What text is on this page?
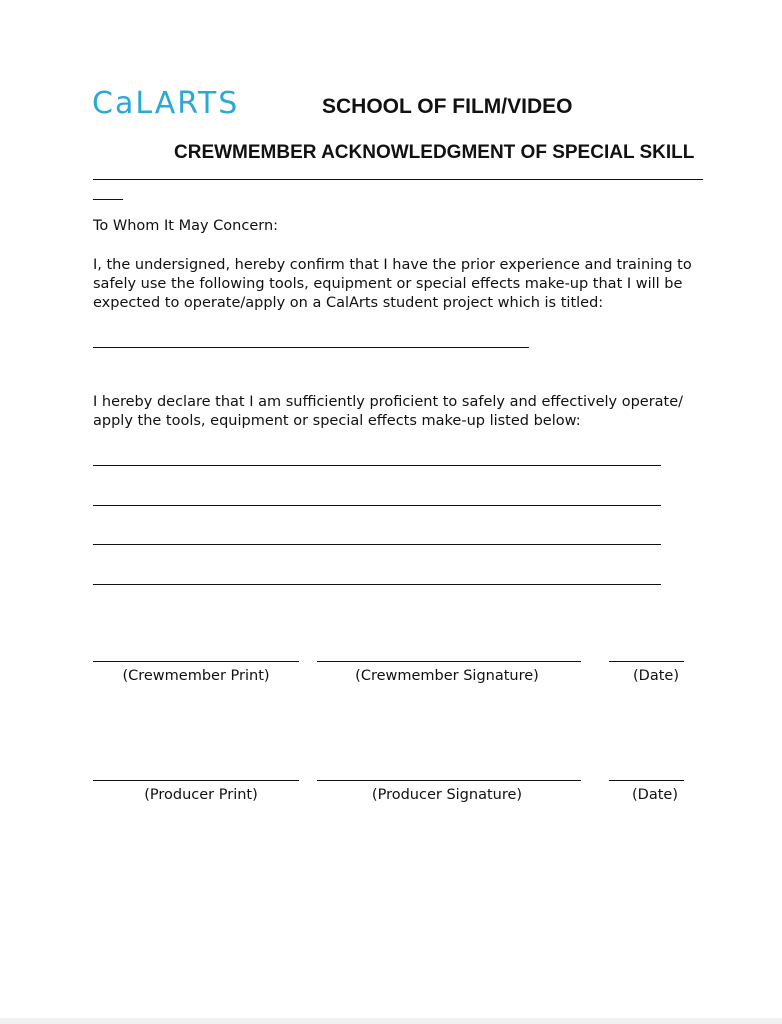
CaLARTS	SCHOOL OF FILM/VIDEO
CREWMEMBER ACKNOWLEDGMENT OF SPECIAL SKILL
To Whom It May Concern:
I, the undersigned, hereby confirm that I have the prior experience and training to
safely use the following tools, equipment or special effects make-up that I will be
expected to operate/apply on a CalArts student project which is titled:
I hereby declare that I am sufficiently proficient to safely and effectively operate/
apply the tools, equipment or special effects make-up listed below:
(Crewmember Print)	(Crewmember Signature)	(Date)
(Producer Print)	(Producer Signature)	(Date)
